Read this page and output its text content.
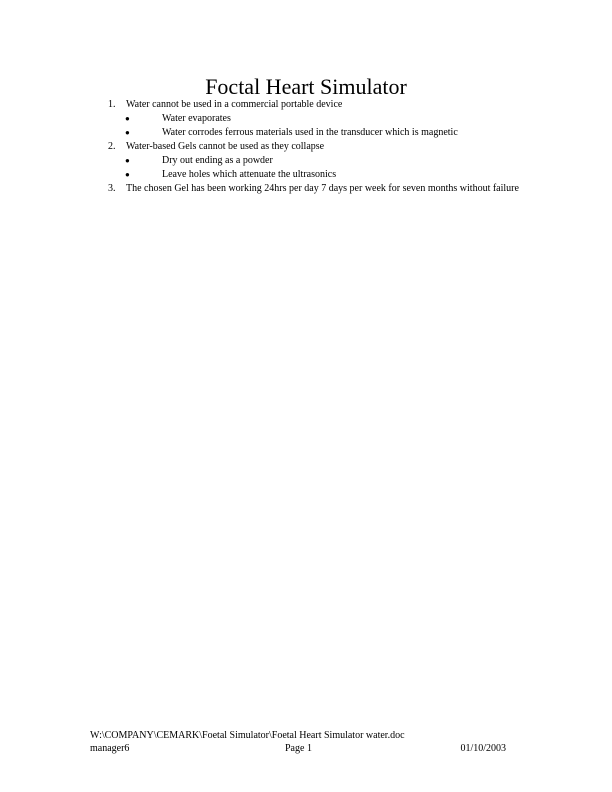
Foctal Heart Simulator
1. Water cannot be used in a commercial portable device
●	Water evaporates
●	Water corrodes ferrous materials used in the transducer which is magnetic
2. Water-based Gels cannot be used as they collapse
●	Dry out ending as a powder
●	Leave holes which attenuate the ultrasonics
3. The chosen Gel has been working 24hrs per day 7 days per week for seven months without failure
W:\COMPANY\CEMARK\Foetal Simulator\Foetal Heart Simulator water.doc
manager6	Page 1	01/10/2003
